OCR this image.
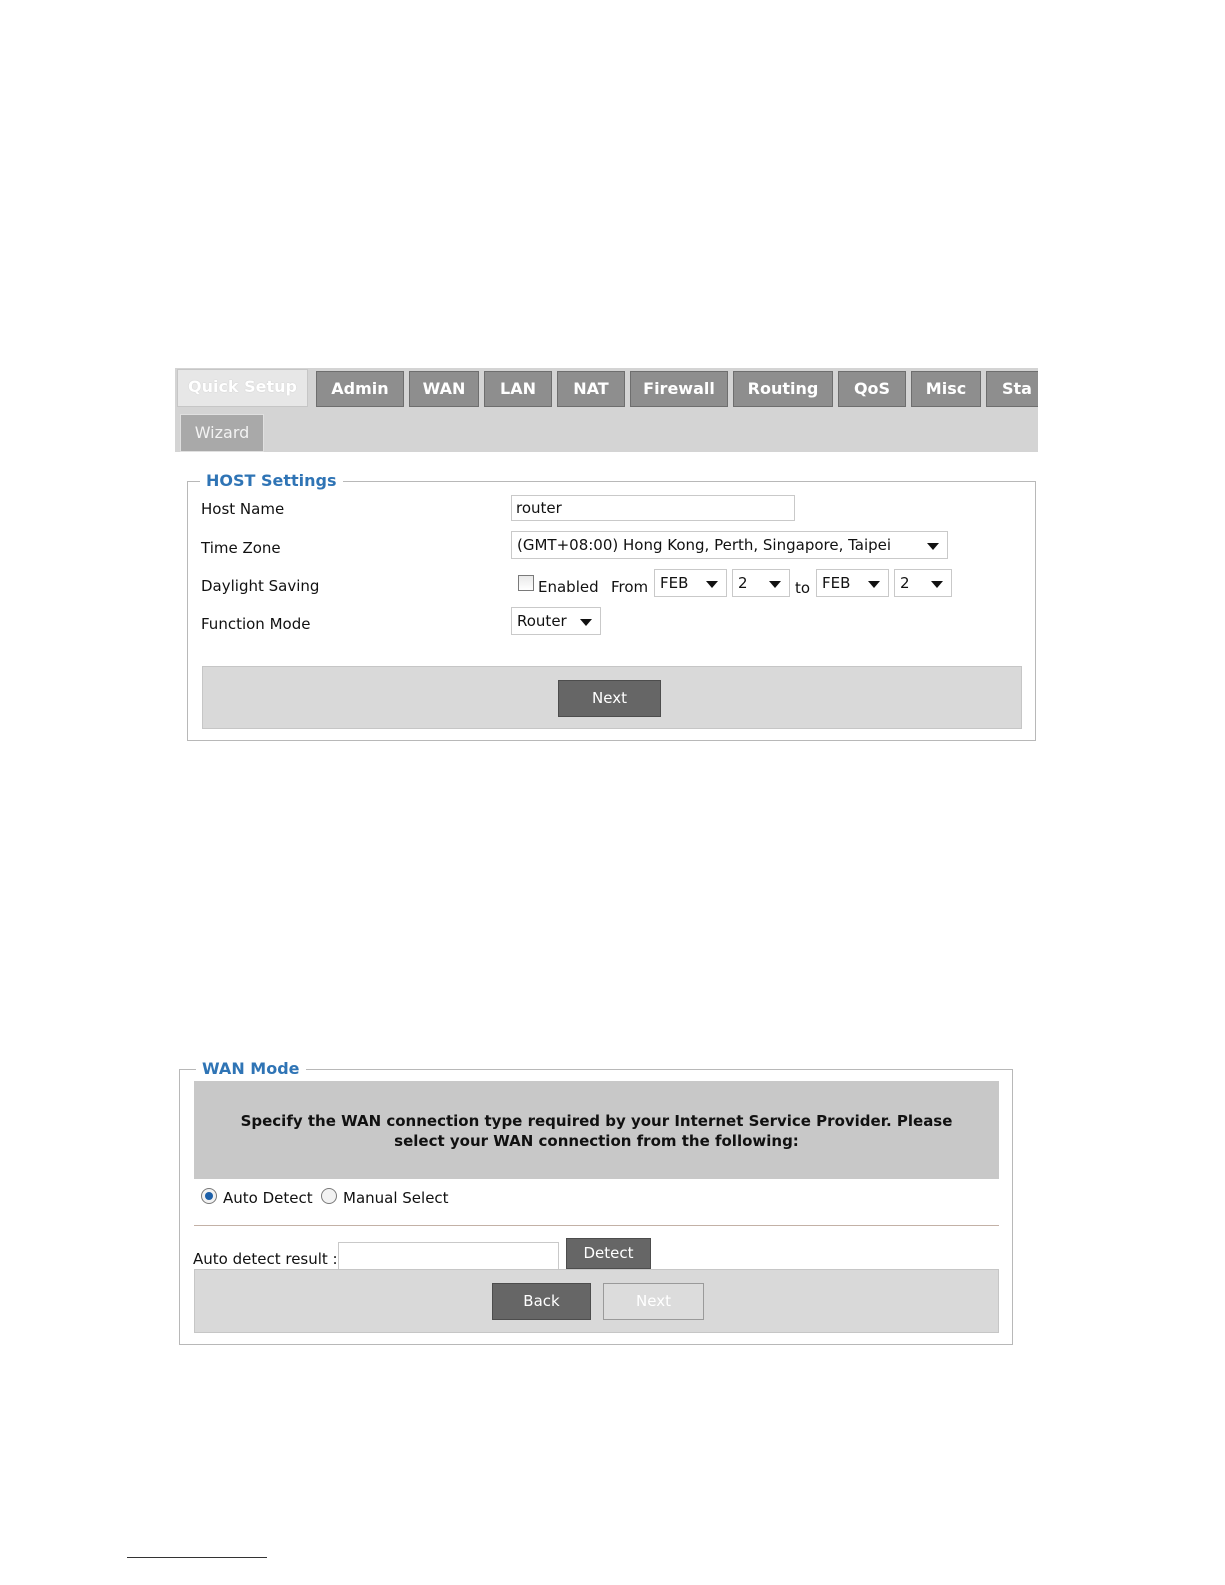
Quick Setup	Admin	WAN	LAN	NAT	Firewall	Routing	QoS	Misc	Sta
Wizard
HOST Settings
Host Name	router
Time Zone	(GMT+08:00) Hong Kong, Perth, Singapore, Taipei
Daylight Saving	Enabled From FEB	2	to FEB	2
Function Mode	Router
Next
WAN Mode
Specify the WAN connection type required by your Internet Service Provider. Please
select your WAN connection from the following:
Auto Detect Manual Select
Auto detect result :	Detect
Back	Next
